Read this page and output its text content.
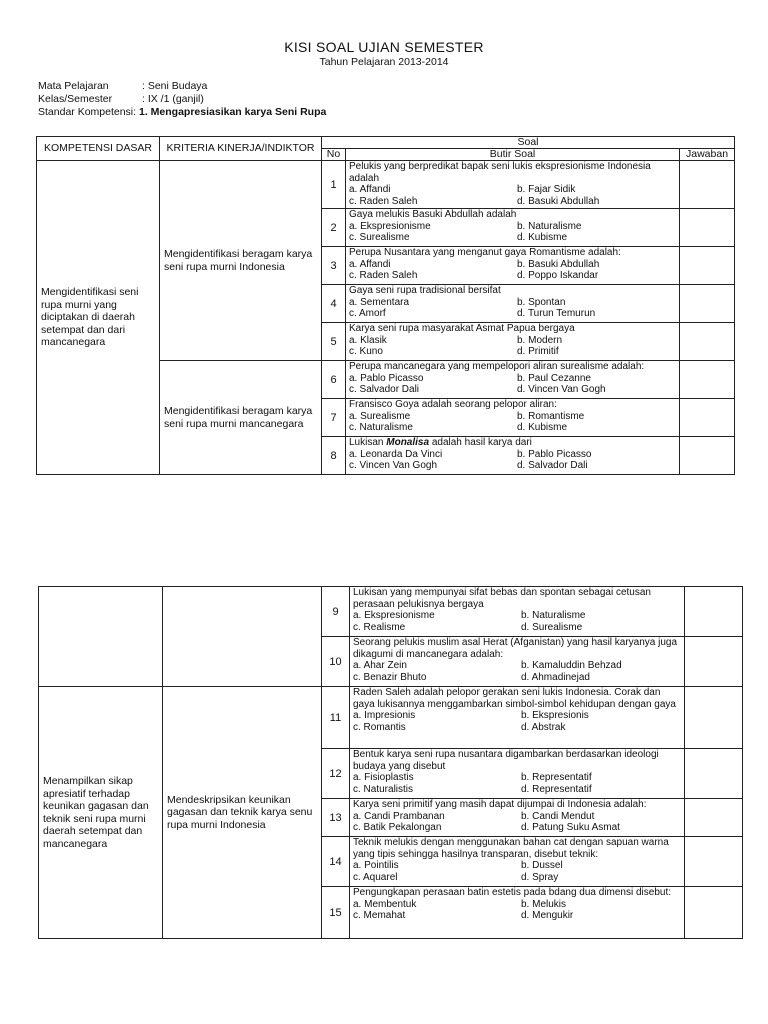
KISI SOAL UJIAN SEMESTER
Tahun Pelajaran 2013-2014
Mata Pelajaran	: Seni Budaya
Kelas/Semester	: IX /1 (ganjil)
Standar Kompetensi: 1. Mengapresiasikan karya Seni Rupa
KOMPETENSI DASAR	KRITERIA KINERJA/INDIKTOR	Soal		
		No	Butir Soal	Jawaban
Mengidentifikasi seni rupa murni yang diciptakan di daerah setempat dan dari mancanegara	Mengidentifikasi beragam karya seni rupa murni Indonesia	1	Pelukis yang berpredikat bapak seni lukis ekspresionisme Indonesia adalah
a. Affandi b. Fajar Sidik
c. Raden Saleh d. Basuki Abdullah	

		2	Gaya melukis Basuki Abdullah adalah
a. Ekspresionisme b. Naturalisme
c. Surealisme d. Kubisme	

		3	Perupa Nusantara yang menganut gaya Romantisme adalah:
a. Affandi b. Basuki Abdullah
c. Raden Saleh d. Poppo Iskandar	

		4	Gaya seni rupa tradisional bersifat
a. Sementara b. Spontan
c. Amorf d. Turun Temurun	

		5	Karya seni rupa masyarakat Asmat Papua bergaya
a. Klasik b. Modern
c. Kuno d. Primitif	

	Mengidentifikasi beragam karya seni rupa murni mancanegara	6	Perupa mancanegara yang mempelopori aliran surealisme adalah:
a. Pablo Picasso b. Paul Cezanne
c. Salvador Dali d. Vincen Van Gogh	

		7	Fransisco Goya adalah seorang pelopor aliran:
a. Surealisme b. Romantisme
c. Naturalisme d. Kubisme	

		8	Lukisan Monalisa adalah hasil karya dari
a. Leonarda Da Vinci b. Pablo Picasso
c. Vincen Van Gogh d. Salvador Dali	

		9	Lukisan yang mempunyai sifat bebas dan spontan sebagai cetusan perasaan pelukisnya bergaya
a. Ekspresionisme b. Naturalisme
c. Realisme d. Surealisme	

		10	Seorang pelukis muslim asal Herat (Afganistan) yang hasil karyanya juga dikagumi di mancanegara adalah:
a. Ahar Zein b. Kamaluddin Behzad
c. Benazir Bhuto d. Ahmadinejad	

Menampilkan sikap apresiatif terhadap keunikan gagasan dan teknik seni rupa murni daerah setempat dan mancanegara	Mendeskripsikan keunikan gagasan dan teknik karya senu rupa murni Indonesia	11	Raden Saleh adalah pelopor gerakan seni lukis Indonesia. Corak dan gaya lukisannya menggambarkan simbol-simbol kehidupan dengan gaya
a. Impresionis b. Ekspresionis
c. Romantis d. Abstrak	

		12	Bentuk karya seni rupa nusantara digambarkan berdasarkan ideologi budaya yang disebut
a. Fisioplastis b. Representatif
c. Naturalistis d. Representatif	

		13	Karya seni primitif yang masih dapat dijumpai di Indonesia adalah:
a. Candi Prambanan b. Candi Mendut
c. Batik Pekalongan d. Patung Suku Asmat	

		14	Teknik melukis dengan menggunakan bahan cat dengan sapuan warna yang tipis sehingga hasilnya transparan, disebut teknik:
a. Pointilis b. Dussel
c. Aquarel d. Spray	

		15	Pengungkapan perasaan batin estetis pada bdang dua dimensi disebut:
a. Membentuk b. Melukis
c. Memahat d. Mengukir	
